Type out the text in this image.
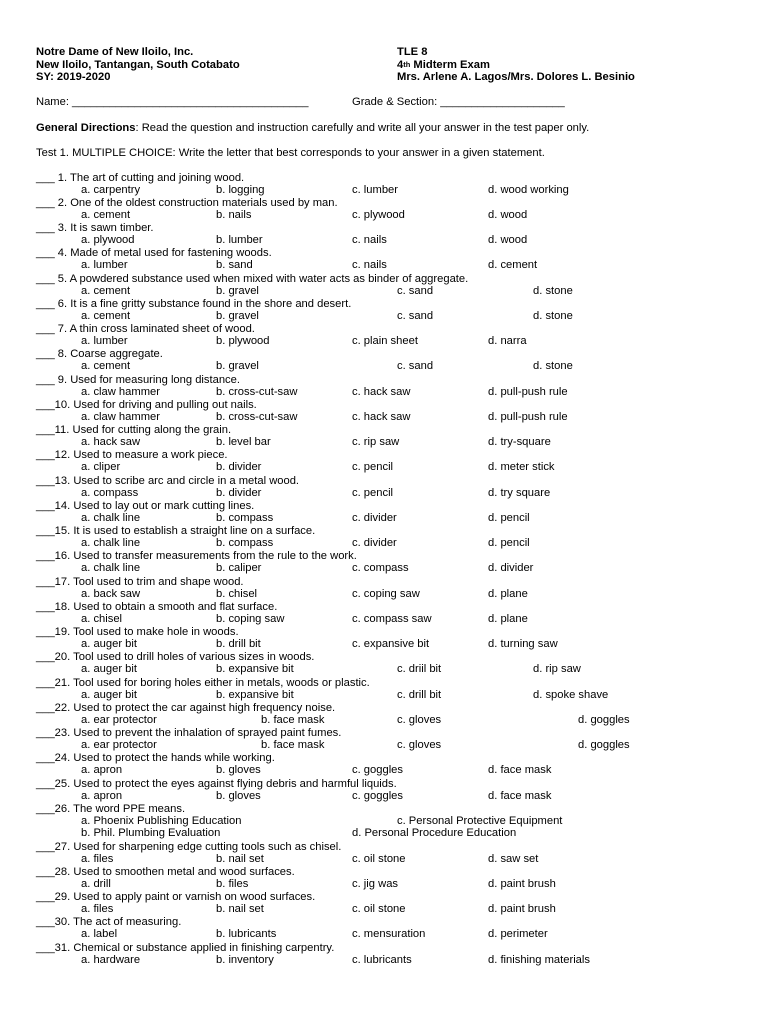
Notre Dame of New Iloilo, Inc.
New Iloilo, Tantangan, South Cotabato
SY: 2019-2020
TLE 8
4th Midterm Exam
Mrs. Arlene A. Lagos/Mrs. Dolores L. Besinio
Name: ______________________________________	Grade & Section: ____________________
General Directions: Read the question and instruction carefully and write all your answer in the test paper only.
Test 1. MULTIPLE CHOICE: Write the letter that best corresponds to your answer in a given statement.
___ 1. The art of cutting and joining wood.
a. carpentry	b. logging	c. lumber	d. wood working
___ 2. One of the oldest construction materials used by man.
a. cement	b. nails	c. plywood	d. wood
___ 3. It is sawn timber.
a. plywood	b. lumber	c. nails	d. wood
___ 4. Made of metal used for fastening woods.
a. lumber	b. sand	c. nails	d. cement
___ 5. A powdered substance used when mixed with water acts as binder of aggregate.
a. cement	b. gravel	c. sand	d. stone
___ 6. It is a fine gritty substance found in the shore and desert.
a. cement	b. gravel	c. sand	d. stone
___ 7. A thin cross laminated sheet of wood.
a. lumber	b. plywood	c. plain sheet	d. narra
___ 8. Coarse aggregate.
a. cement	b. gravel	c. sand	d. stone
___ 9. Used for measuring long distance.
a. claw hammer	b. cross-cut-saw	c. hack saw	d. pull-push rule
___10. Used for driving and pulling out nails.
a. claw hammer	b. cross-cut-saw	c. hack saw	d. pull-push rule
___11. Used for cutting along the grain.
a. hack saw	b. level bar	c. rip saw	d. try-square
___12. Used to measure a work piece.
a. cliper	b. divider	c. pencil	d. meter stick
___13. Used to scribe arc and circle in a metal wood.
a. compass	b. divider	c. pencil	d. try square
___14. Used to lay out or mark cutting lines.
a. chalk line	b. compass	c. divider	d. pencil
___15. It is used to establish a straight line on a surface.
a. chalk line	b. compass	c. divider	d. pencil
___16. Used to transfer measurements from the rule to the work.
a. chalk line	b. caliper	c. compass	d. divider
___17. Tool used to trim and shape wood.
a. back saw	b. chisel	c. coping saw	d. plane
___18. Used to obtain a smooth and flat surface.
a. chisel	b. coping saw	c. compass saw	d. plane
___19. Tool used to make hole in woods.
a. auger bit	b. drill bit	c. expansive bit	d. turning saw
___20. Tool used to drill holes of various sizes in woods.
a. auger bit	b. expansive bit	c. driil bit	d. rip saw
___21. Tool used for boring holes either in metals, woods or plastic.
a. auger bit	b. expansive bit	c. drill bit	d. spoke shave
___22. Used to protect the car against high frequency noise.
a. ear protector	b. face mask	c. gloves	d. goggles
___23. Used to prevent the inhalation of sprayed paint fumes.
a. ear protector	b. face mask	c. gloves	d. goggles
___24. Used to protect the hands while working.
a. apron	b. gloves	c. goggles	d. face mask
___25. Used to protect the eyes against flying debris and harmful liquids.
a. apron	b. gloves	c. goggles	d. face mask
___26. The word PPE means.
a. Phoenix Publishing Education	c. Personal Protective Equipment
b. Phil. Plumbing Evaluation	d. Personal Procedure Education
___27. Used for sharpening edge cutting tools such as chisel.
a. files	b. nail set	c. oil stone	d. saw set
___28. Used to smoothen metal and wood surfaces.
a. drill	b. files	c. jig was	d. paint brush
___29. Used to apply paint or varnish on wood surfaces.
a. files	b. nail set	c. oil stone	d. paint brush
___30. The act of measuring.
a. label	b. lubricants	c. mensuration	d. perimeter
___31. Chemical or substance applied in finishing carpentry.
a. hardware	b. inventory	c. lubricants	d. finishing materials
